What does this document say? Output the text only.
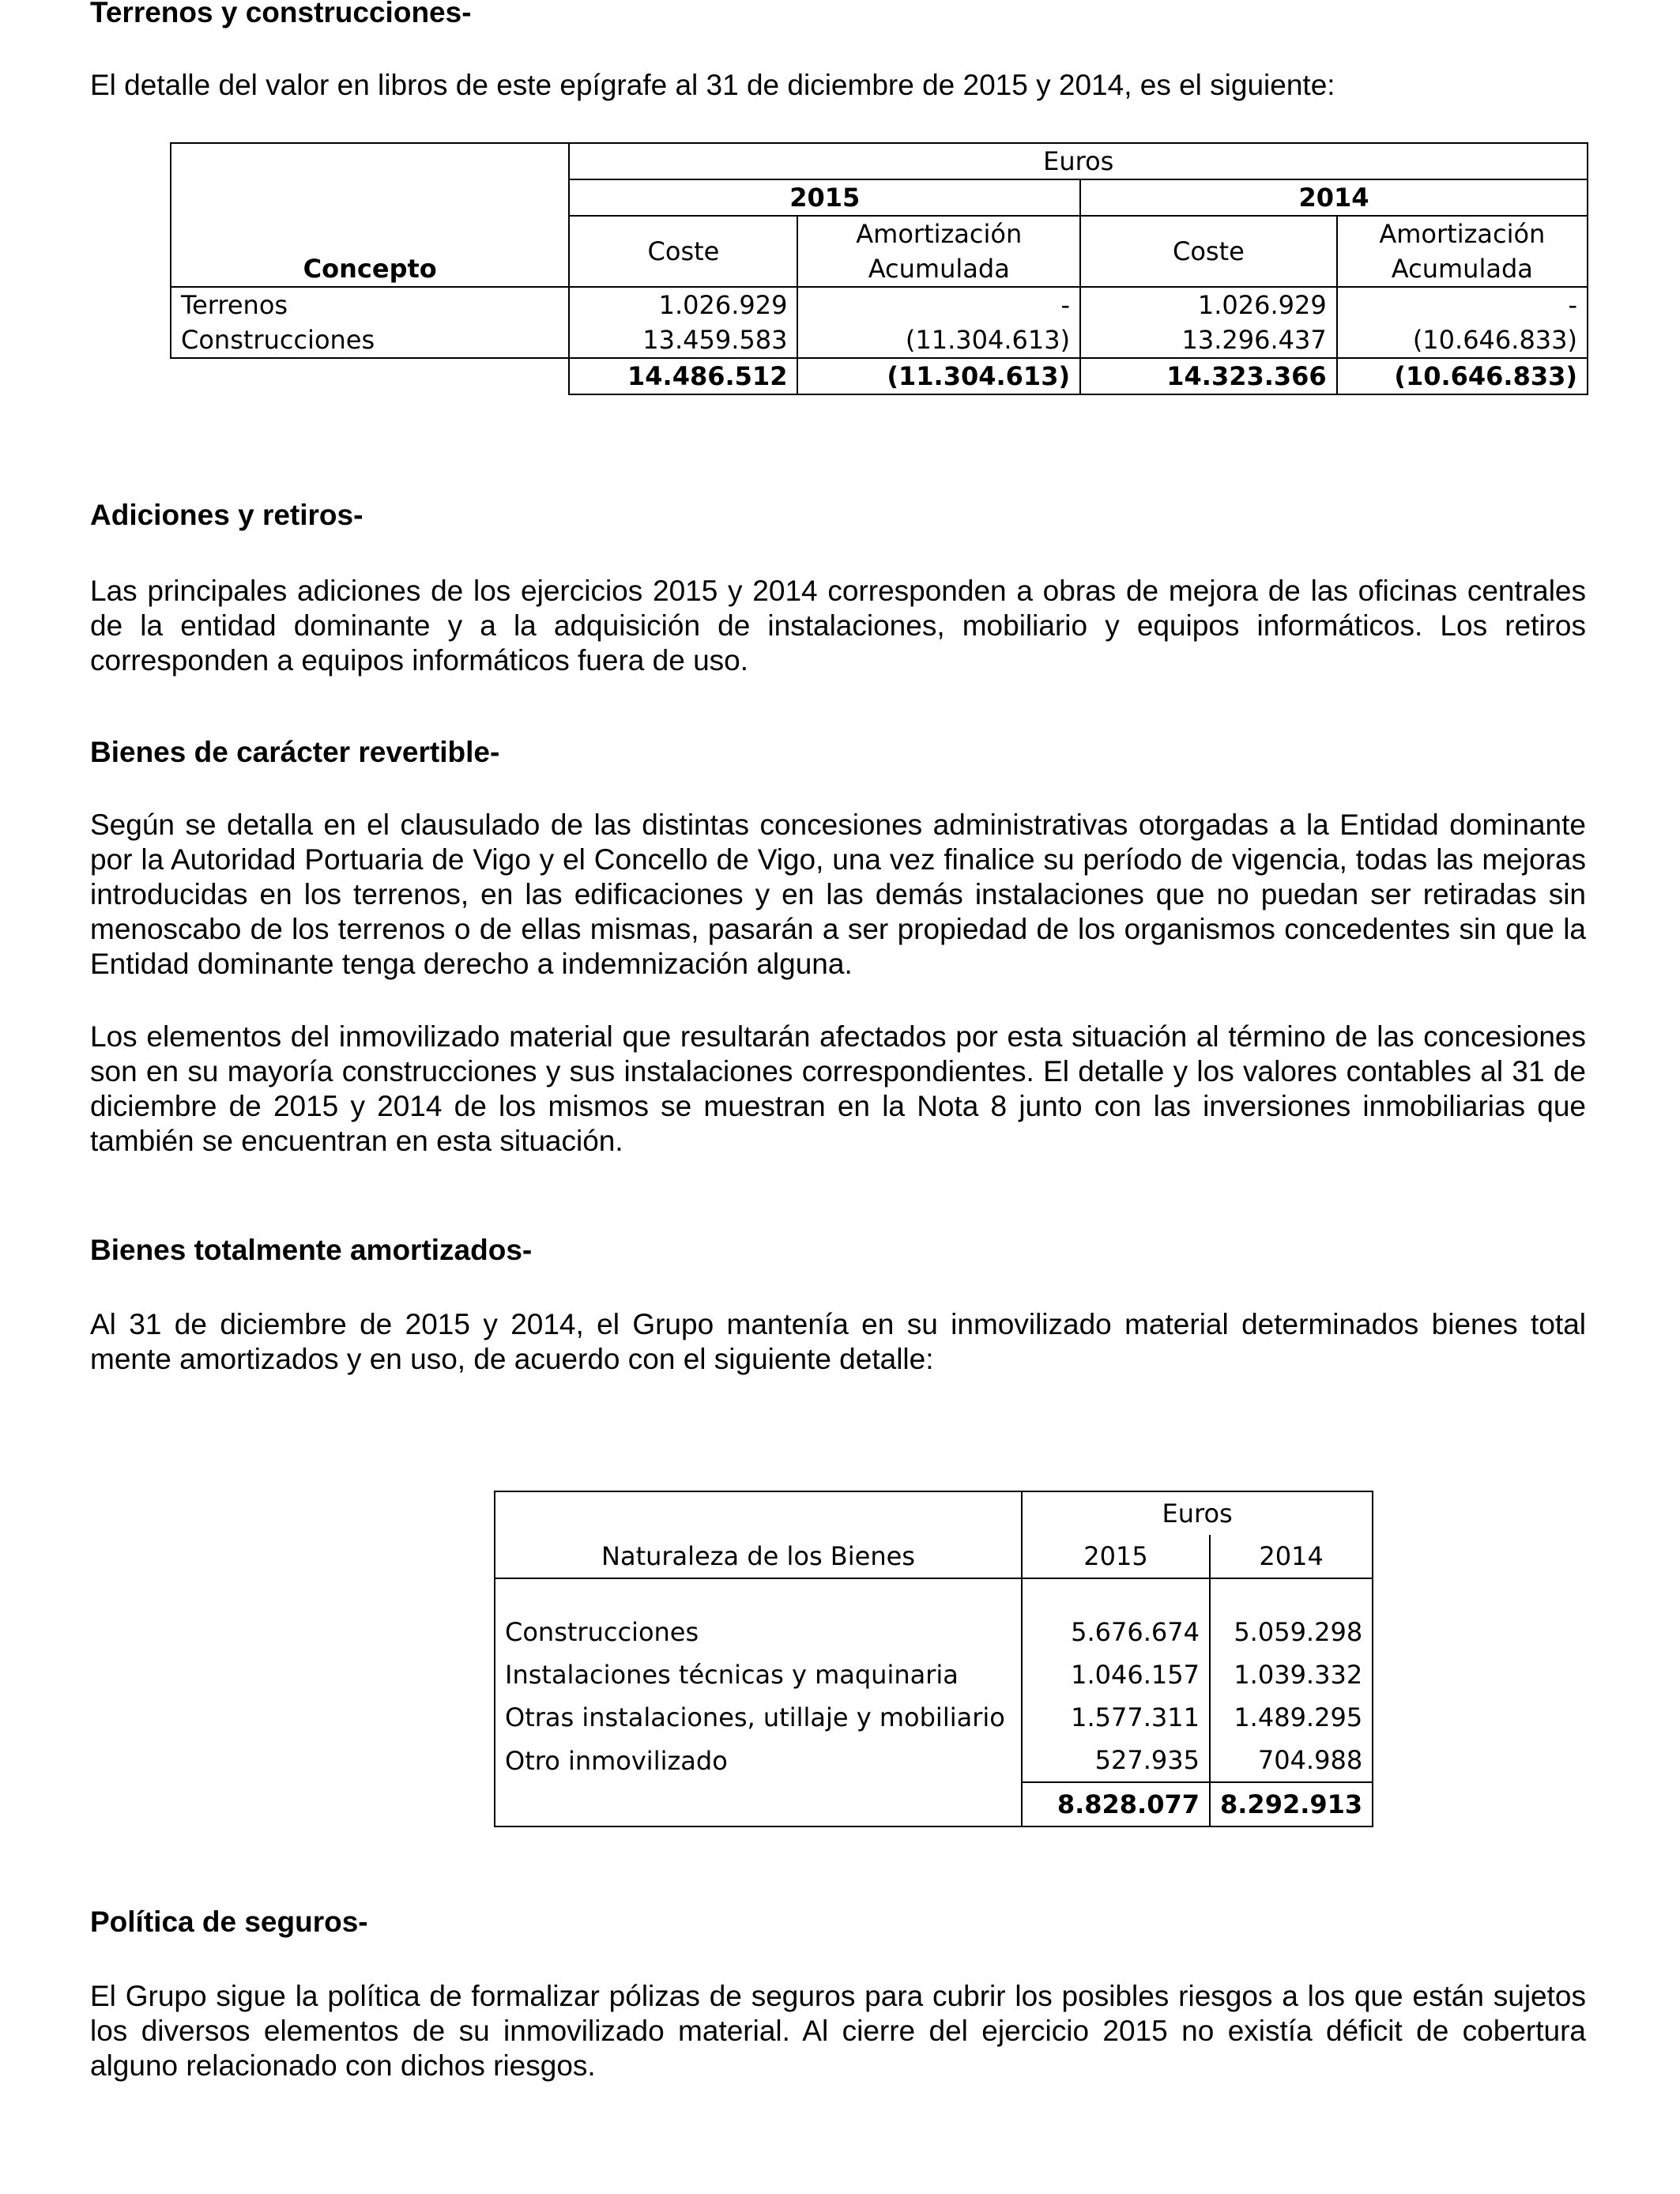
Terrenos y construcciones-
El detalle del valor en libros de este epígrafe al 31 de diciembre de 2015 y 2014, es el siguiente:
	Euros			
	2015		2014	
	Coste	Amortización	Coste	Amortización
Concepto		Acumulada		Acumulada
Terrenos	1.026.929	-	1.026.929	-
Construcciones	13.459.583	(11.304.613)	13.296.437	(10.646.833)
	14.486.512	(11.304.613)	14.323.366	(10.646.833)
Adiciones y retiros-
Las principales adiciones de los ejercicios 2015 y 2014 corresponden a obras de mejora de las oficinas centrales de la entidad dominante y a la adquisición de instalaciones, mobiliario y equipos informáticos. Los retiros corresponden a equipos informáticos fuera de uso.
Bienes de carácter revertible-
Según se detalla en el clausulado de las distintas concesiones administrativas otorgadas a la Entidad dominante por la Autoridad Portuaria de Vigo y el Concello de Vigo, una vez finalice su período de vigencia, todas las mejoras introducidas en los terrenos, en las edificaciones y en las demás instalaciones que no puedan ser retiradas sin menoscabo de los terrenos o de ellas mismas, pasarán a ser propiedad de los organismos concedentes sin que la Entidad dominante tenga derecho a indemnización alguna.
Los elementos del inmovilizado material que resultarán afectados por esta situación al término de las concesiones son en su mayoría construcciones y sus instalaciones correspondientes. El detalle y los valores contables al 31 de diciembre de 2015 y 2014 de los mismos se muestran en la Nota 8 junto con las inversiones inmobiliarias que también se encuentran en esta situación.
Bienes totalmente amortizados-
Al 31 de diciembre de 2015 y 2014, el Grupo mantenía en su inmovilizado material determinados bienes total mente amortizados y en uso, de acuerdo con el siguiente detalle:
	Euros	
Naturaleza de los Bienes	2015	2014

Construcciones	5.676.674	5.059.298
Instalaciones técnicas y maquinaria	1.046.157	1.039.332
Otras instalaciones, utillaje y mobiliario	1.577.311	1.489.295
Otro inmovilizado	527.935	704.988
	8.828.077	8.292.913
Política de seguros-
El Grupo sigue la política de formalizar pólizas de seguros para cubrir los posibles riesgos a los que están sujetos los diversos elementos de su inmovilizado material. Al cierre del ejercicio 2015 no existía déficit de cobertura alguno relacionado con dichos riesgos.
